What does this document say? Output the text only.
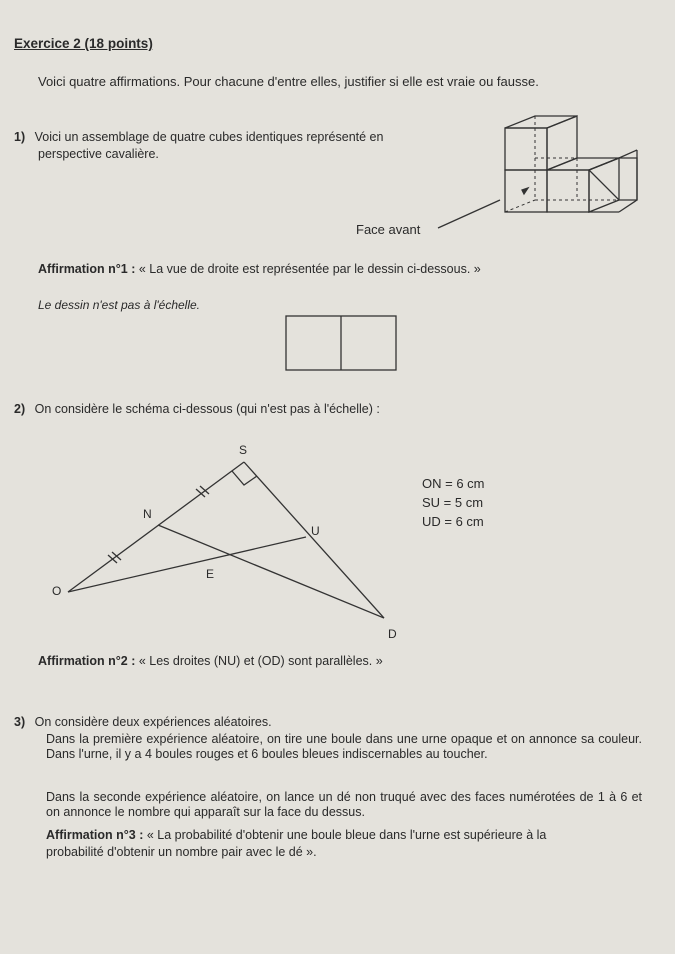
Exercice 2 (18 points)
Voici quatre affirmations. Pour chacune d'entre elles, justifier si elle est vraie ou fausse.
1) Voici un assemblage de quatre cubes identiques représenté en
perspective cavalière.
Face avant
Affirmation n°1 : « La vue de droite est représentée par le dessin ci-dessous. »
Le dessin n'est pas à l'échelle.
2) On considère le schéma ci-dessous (qui n'est pas à l'échelle) :
S
N
U
O
E
D
ON = 6 cm
SU = 5 cm
UD = 6 cm
Affirmation n°2 : « Les droites (NU) et (OD) sont parallèles. »
3) On considère deux expériences aléatoires.
Dans la première expérience aléatoire, on tire une boule dans une urne opaque et on annonce sa couleur. Dans l'urne, il y a 4 boules rouges et 6 boules bleues indiscernables au toucher.
Dans la seconde expérience aléatoire, on lance un dé non truqué avec des faces numérotées de 1 à 6 et on annonce le nombre qui apparaît sur la face du dessus.
Affirmation n°3 : « La probabilité d'obtenir une boule bleue dans l'urne est supérieure à la
probabilité d'obtenir un nombre pair avec le dé ».
